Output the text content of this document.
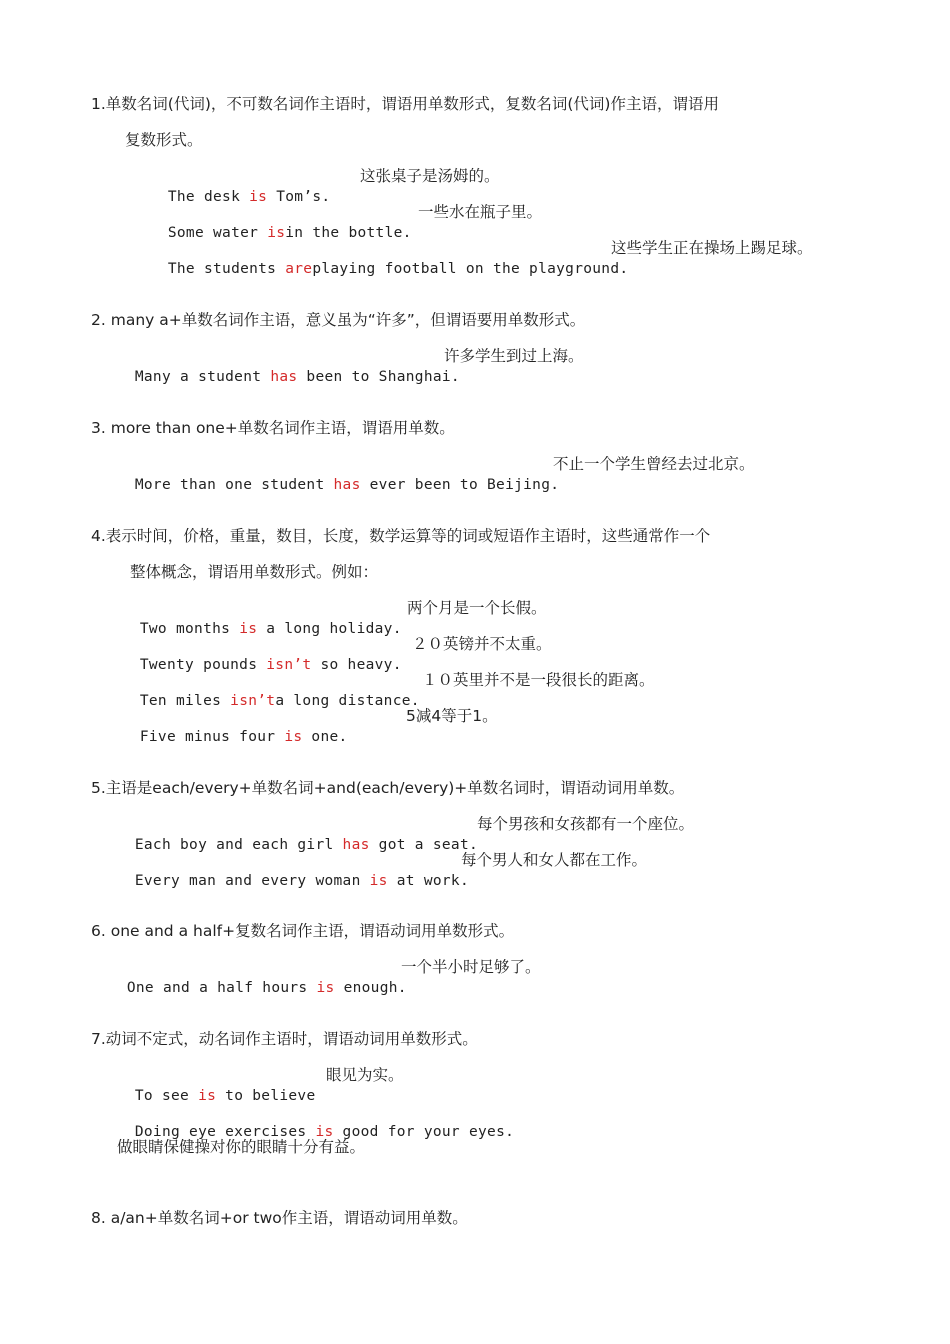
1.单数名词(代词)，不可数名词作主语时，谓语用单数形式，复数名词(代词)作主语，谓语用
复数形式。

The desk is Tom’s.

这张桌子是汤姆的。

Some water isin the bottle.

一些水在瓶子里。

The students areplaying football on the playground.

这些学生正在操场上踢足球。
2. many a+单数名词作主语，意义虽为“许多”，但谓语要用单数形式。

Many a student has been to Shanghai.

许多学生到过上海。
3. more than one+单数名词作主语，谓语用单数。

More than one student has ever been to Beijing.

不止一个学生曾经去过北京。
4.表示时间，价格，重量，数目，长度，数学运算等的词或短语作主语时，这些通常作一个
整体概念，谓语用单数形式。例如：

Two months is a long holiday.

两个月是一个长假。

Twenty pounds isn’t so heavy.

２０英镑并不太重。

Ten miles isn’ta long distance.

１０英里并不是一段很长的距离。

Five minus four is one.

5减4等于1。
5.主语是each/every+单数名词+and(each/every)+单数名词时，谓语动词用单数。

Each boy and each girl has got a seat.

每个男孩和女孩都有一个座位。

Every man and every woman is at work.

每个男人和女人都在工作。
6. one and a half+复数名词作主语，谓语动词用单数形式。

One and a half hours is enough.

一个半小时足够了。
7.动词不定式，动名词作主语时，谓语动词用单数形式。

To see is to believe

眼见为实。

Doing eye exercises is good for your eyes.

做眼睛保健操对你的眼睛十分有益。
8. a/an+单数名词+or two作主语，谓语动词用单数。
